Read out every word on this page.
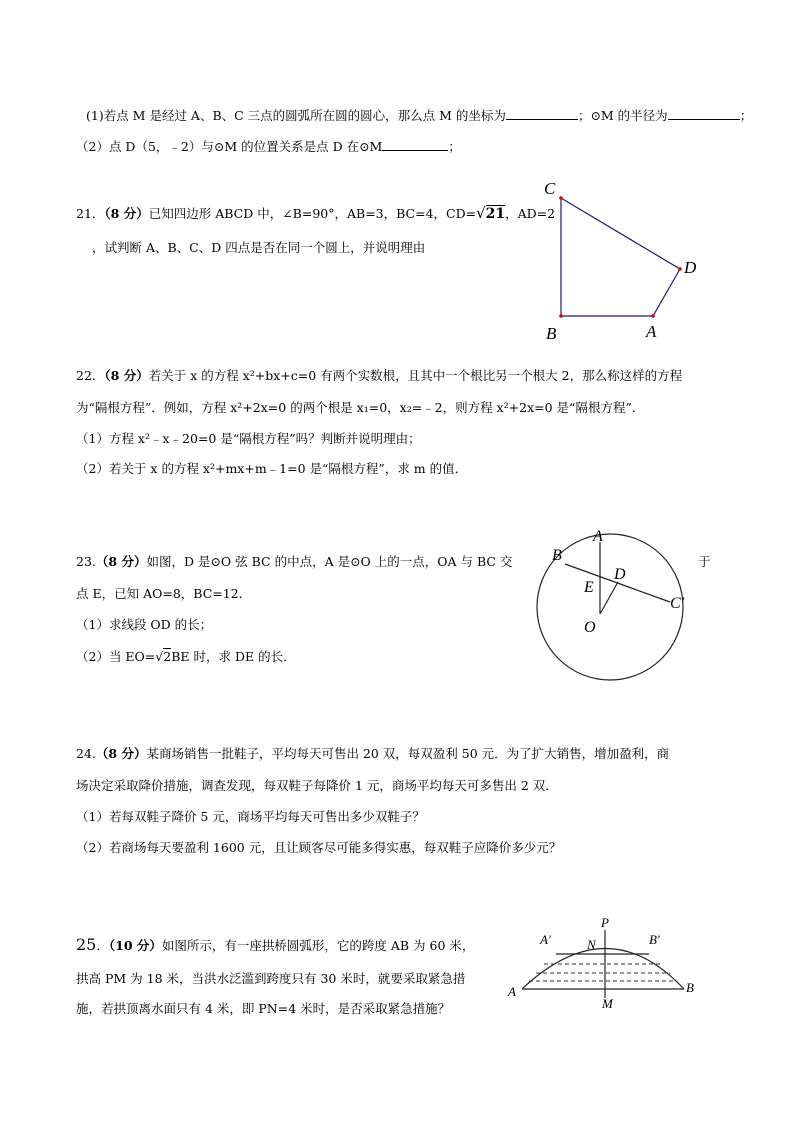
(1)若点 M 是经过 A、B、C 三点的圆弧所在圆的圆心，那么点 M 的坐标为	；⊙M 的半径为	；
（2）点 D（5，﹣2）与⊙M 的位置关系是点 D 在⊙M	；
21．（8 分）已知四边形 ABCD 中，∠B=90°，AB=3，BC=4，CD=√21，AD=2
，试判断 A、B、C、D 四点是否在同一个圆上，并说明理由
C
D
B	A
22．（8 分）若关于 x 的方程 x²+bx+c=0 有两个实数根，且其中一个根比另一个根大 2，那么称这样的方程
为“隔根方程”．例如，方程 x²+2x=0 的两个根是 x₁=0，x₂=﹣2，则方程 x²+2x=0 是“隔根方程”．
（1）方程 x²﹣x﹣20=0 是“隔根方程”吗？判断并说明理由；
（2）若关于 x 的方程 x²+mx+m﹣1=0 是“隔根方程”，求 m 的值．
23.（8 分）如图，D 是⊙O 弦 BC 的中点，A 是⊙O 上的一点，OA 与 BC 交	于
点 E，已知 AO=8，BC=12．
（1）求线段 OD 的长；
（2）当 EO=√2BE 时，求 DE 的长．
A
B
D
E
C'
O
24.（8 分）某商场销售一批鞋子，平均每天可售出 20 双，每双盈利 50 元．为了扩大销售，增加盈利，商
场决定采取降价措施，调查发现，每双鞋子每降价 1 元，商场平均每天可多售出 2 双．
（1）若每双鞋子降价 5 元，商场平均每天可售出多少双鞋子？
（2）若商场每天要盈利 1600 元，且让顾客尽可能多得实惠，每双鞋子应降价多少元？
25．（10 分）如图所示，有一座拱桥圆弧形，它的跨度 AB 为 60 米，
拱高 PM 为 18 米，当洪水泛滥到跨度只有 30 米时，就要采取紧急措
施，若拱顶离水面只有 4 米，即 PN=4 米时，是否采取紧急措施？
P
N
A′	B′
A	B
M
